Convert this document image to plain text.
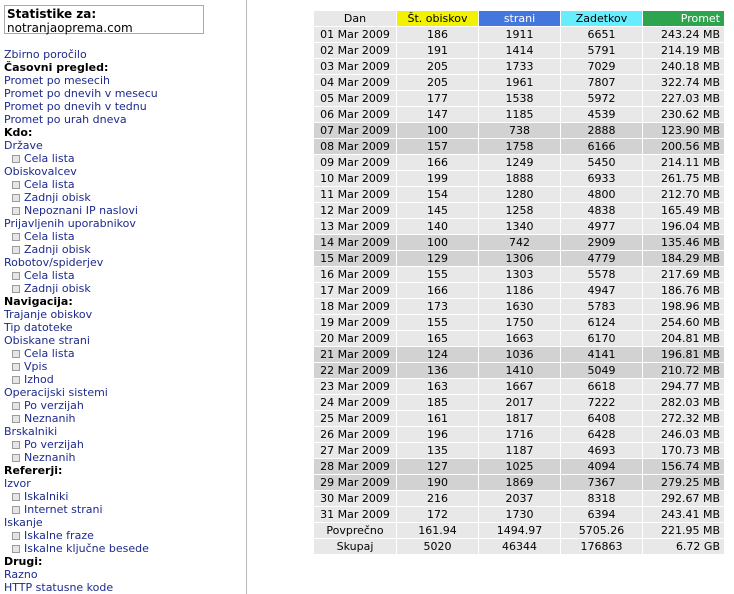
Statistike za:
notranjaoprema.com
Zbirno poročilo
Časovni pregled:
Promet po mesecih
Promet po dnevih v mesecu
Promet po dnevih v tednu
Promet po urah dneva
Kdo:
Države
Cela lista
Obiskovalcev
Cela lista
Zadnji obisk
Nepoznani IP naslovi
Prijavljenih uporabnikov
Cela lista
Zadnji obisk
Robotov/spiderjev
Cela lista
Zadnji obisk
Navigacija:
Trajanje obiskov
Tip datoteke
Obiskane strani
Cela lista
Vpis
Izhod
Operacijski sistemi
Po verzijah
Neznanih
Brskalniki
Po verzijah
Neznanih
Refererji:
Izvor
Iskalniki
Internet strani
Iskanje
Iskalne fraze
Iskalne ključne besede
Drugi:
Razno
HTTP statusne kode
Dan	Št. obiskov	strani	Zadetkov	Promet
01 Mar 2009	186	1911	6651	243.24 MB
02 Mar 2009	191	1414	5791	214.19 MB
03 Mar 2009	205	1733	7029	240.18 MB
04 Mar 2009	205	1961	7807	322.74 MB
05 Mar 2009	177	1538	5972	227.03 MB
06 Mar 2009	147	1185	4539	230.62 MB
07 Mar 2009	100	738	2888	123.90 MB
08 Mar 2009	157	1758	6166	200.56 MB
09 Mar 2009	166	1249	5450	214.11 MB
10 Mar 2009	199	1888	6933	261.75 MB
11 Mar 2009	154	1280	4800	212.70 MB
12 Mar 2009	145	1258	4838	165.49 MB
13 Mar 2009	140	1340	4977	196.04 MB
14 Mar 2009	100	742	2909	135.46 MB
15 Mar 2009	129	1306	4779	184.29 MB
16 Mar 2009	155	1303	5578	217.69 MB
17 Mar 2009	166	1186	4947	186.76 MB
18 Mar 2009	173	1630	5783	198.96 MB
19 Mar 2009	155	1750	6124	254.60 MB
20 Mar 2009	165	1663	6170	204.81 MB
21 Mar 2009	124	1036	4141	196.81 MB
22 Mar 2009	136	1410	5049	210.72 MB
23 Mar 2009	163	1667	6618	294.77 MB
24 Mar 2009	185	2017	7222	282.03 MB
25 Mar 2009	161	1817	6408	272.32 MB
26 Mar 2009	196	1716	6428	246.03 MB
27 Mar 2009	135	1187	4693	170.73 MB
28 Mar 2009	127	1025	4094	156.74 MB
29 Mar 2009	190	1869	7367	279.25 MB
30 Mar 2009	216	2037	8318	292.67 MB
31 Mar 2009	172	1730	6394	243.41 MB
Povprečno	161.94	1494.97	5705.26	221.95 MB
Skupaj	5020	46344	176863	6.72 GB
